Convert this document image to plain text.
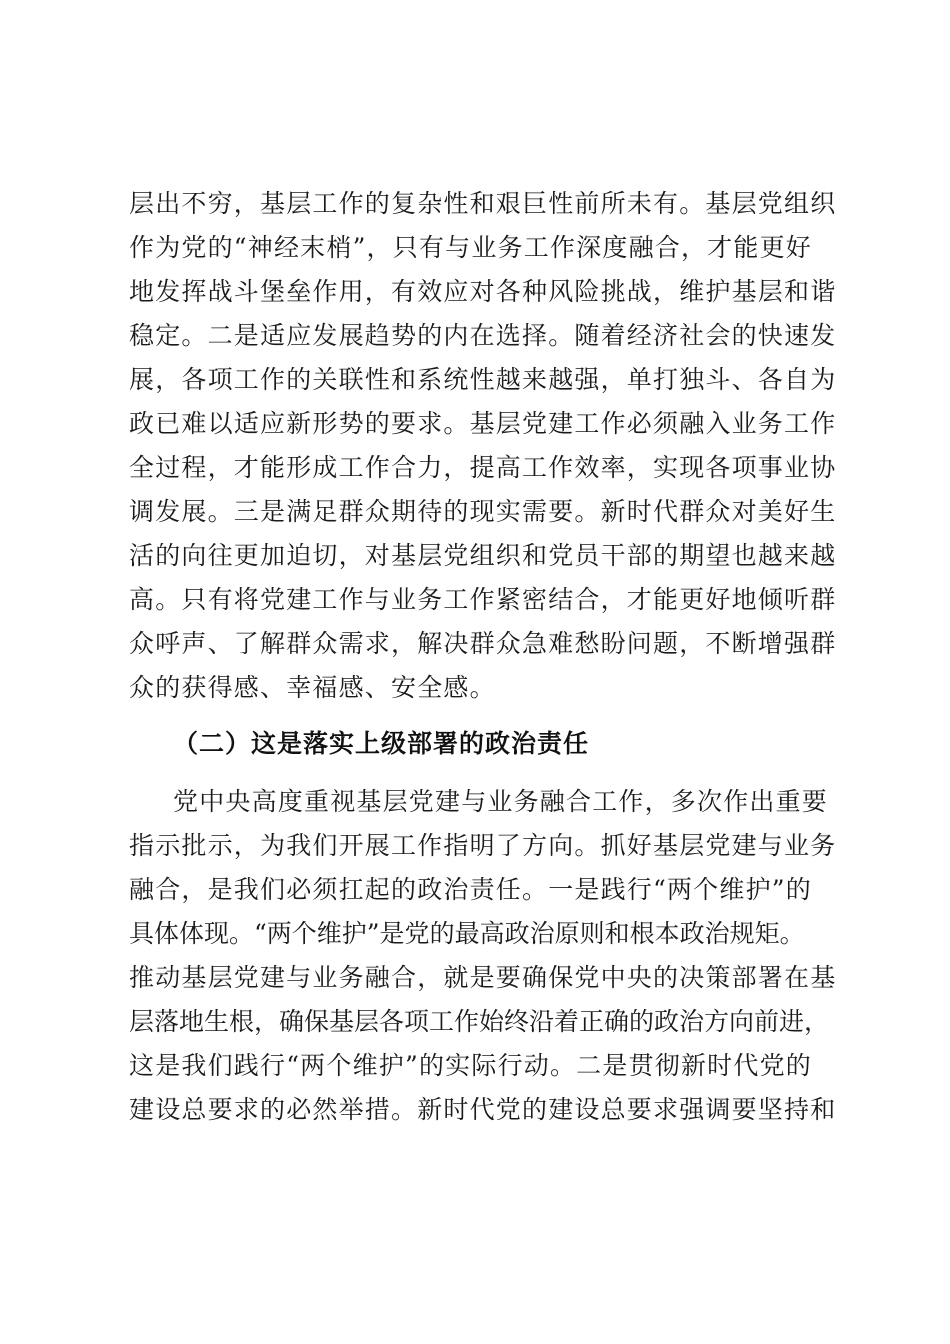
层出不穷，基层工作的复杂性和艰巨性前所未有。基层党组织
作为党的“神经末梢”，只有与业务工作深度融合，才能更好
地发挥战斗堡垒作用，有效应对各种风险挑战，维护基层和谐
稳定。二是适应发展趋势的内在选择。随着经济社会的快速发
展，各项工作的关联性和系统性越来越强，单打独斗、各自为
政已难以适应新形势的要求。基层党建工作必须融入业务工作
全过程，才能形成工作合力，提高工作效率，实现各项事业协
调发展。三是满足群众期待的现实需要。新时代群众对美好生
活的向往更加迫切，对基层党组织和党员干部的期望也越来越
高。只有将党建工作与业务工作紧密结合，才能更好地倾听群
众呼声、了解群众需求，解决群众急难愁盼问题，不断增强群
众的获得感、幸福感、安全感。
（二）这是落实上级部署的政治责任
党中央高度重视基层党建与业务融合工作，多次作出重要
指示批示，为我们开展工作指明了方向。抓好基层党建与业务
融合，是我们必须扛起的政治责任。一是践行“两个维护”的
具体体现。“两个维护”是党的最高政治原则和根本政治规矩。
推动基层党建与业务融合，就是要确保党中央的决策部署在基
层落地生根，确保基层各项工作始终沿着正确的政治方向前进，
这是我们践行“两个维护”的实际行动。二是贯彻新时代党的
建设总要求的必然举措。新时代党的建设总要求强调要坚持和
